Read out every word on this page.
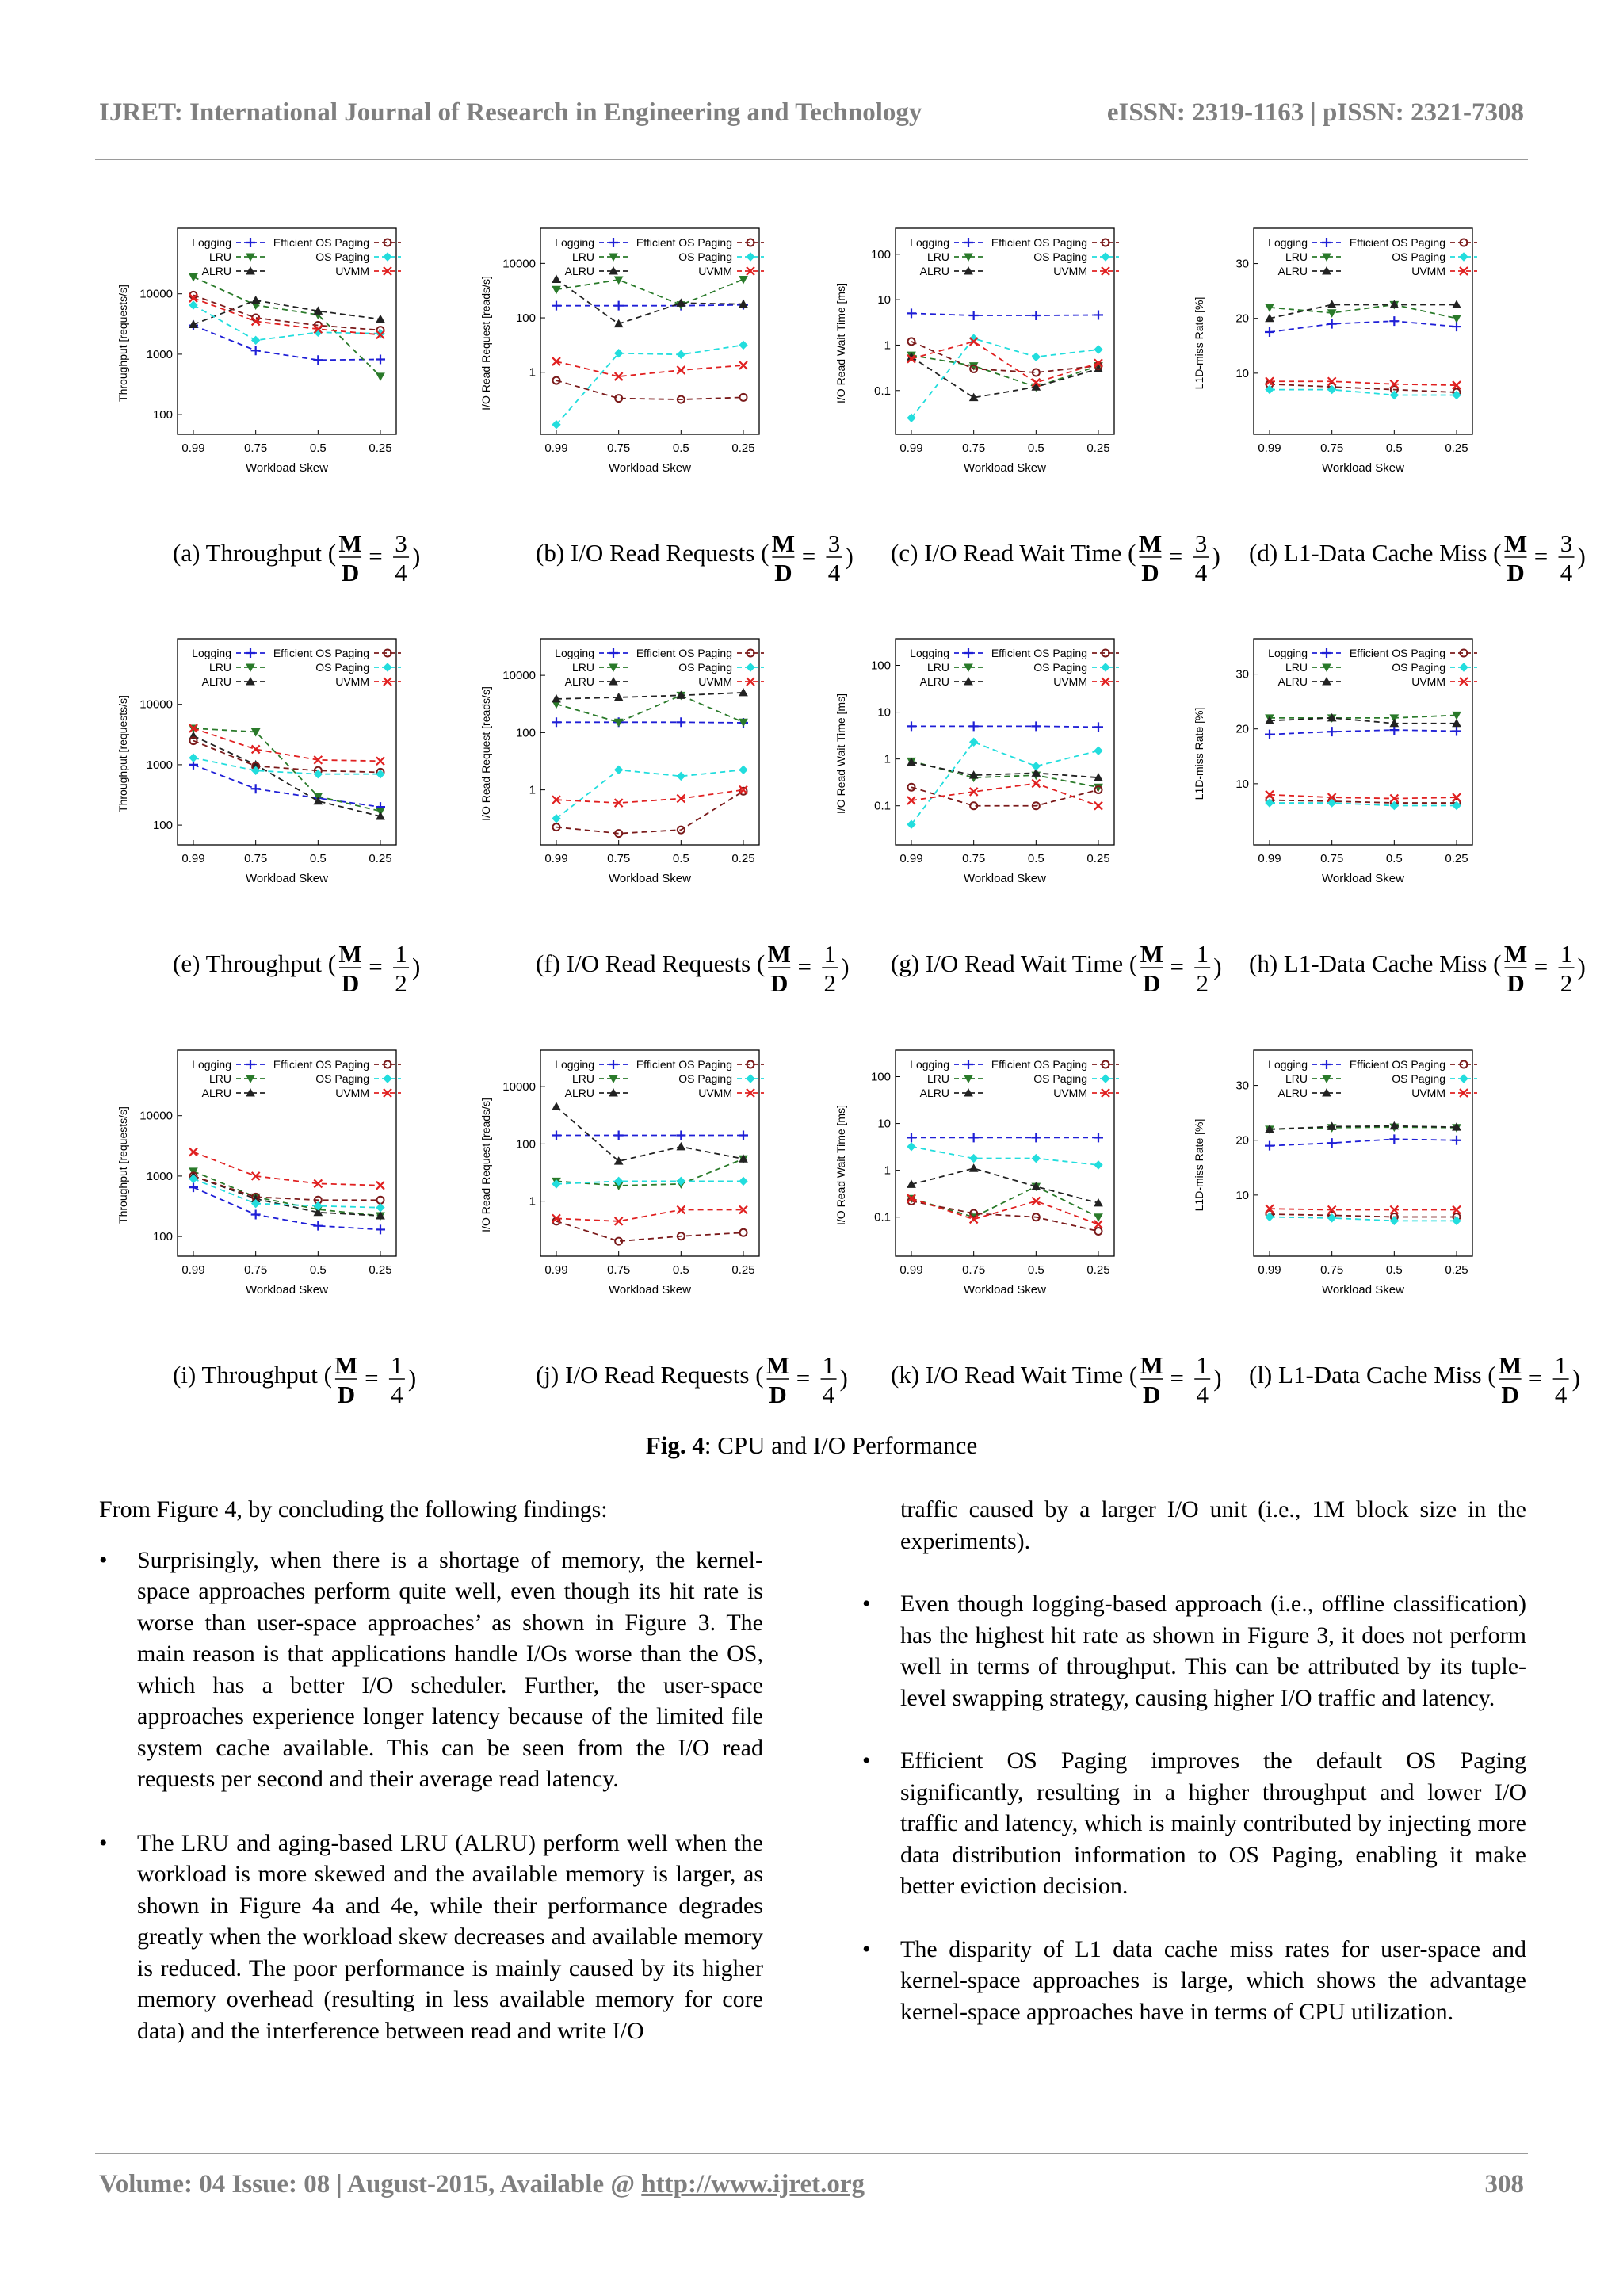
IJRET: International Journal of Research in Engineering and Technology	eISSN: 2319-1163 | pISSN: 2321-7308
100
1000
10000
0.99	0.75	0.5	0.25
Workload Skew
Throughput [requests/s]
Logging	Efficient OS Paging
LRU	OS Paging
ALRU	UVMM
(a) Throughput ( M
D
= 3
4
)
1
100
10000
0.99	0.75	0.5	0.25
Workload Skew
I/O Read Request [reads/s]
Logging	Efficient OS Paging
LRU	OS Paging
ALRU	UVMM
(b) I/O Read Requests ( M
D
= 3
4
)
0.1
1
10
100
0.99	0.75	0.5	0.25
Workload Skew
I/O Read Wait Time [ms]
Logging	Efficient OS Paging
LRU	OS Paging
ALRU	UVMM
(c) I/O Read Wait Time ( M
D
= 3
4
)
10
20
30
0.99	0.75	0.5	0.25
Workload Skew
L1D-miss Rate [%]
Logging	Efficient OS Paging
LRU	OS Paging
ALRU	UVMM
(d) L1-Data Cache Miss ( M
D
= 3
4
)
100
1000
10000
0.99	0.75	0.5	0.25
Workload Skew
Throughput [requests/s]
Logging	Efficient OS Paging
LRU	OS Paging
ALRU	UVMM
(e) Throughput ( M
D
= 1
2
)
1
100
10000
0.99	0.75	0.5	0.25
Workload Skew
I/O Read Request [reads/s]
Logging	Efficient OS Paging
LRU	OS Paging
ALRU	UVMM
(f) I/O Read Requests ( M
D
= 1
2
)
0.1
1
10
100
0.99	0.75	0.5	0.25
Workload Skew
I/O Read Wait Time [ms]
Logging	Efficient OS Paging
LRU	OS Paging
ALRU	UVMM
(g) I/O Read Wait Time ( M
D
= 1
2
)
10
20
30
0.99	0.75	0.5	0.25
Workload Skew
L1D-miss Rate [%]
Logging	Efficient OS Paging
LRU	OS Paging
ALRU	UVMM
(h) L1-Data Cache Miss ( M
D
= 1
2
)
100
1000
10000
0.99	0.75	0.5	0.25
Workload Skew
Throughput [requests/s]
Logging	Efficient OS Paging
LRU	OS Paging
ALRU	UVMM
(i) Throughput ( M
D
= 1
4
)
1
100
10000
0.99	0.75	0.5	0.25
Workload Skew
I/O Read Request [reads/s]
Logging	Efficient OS Paging
LRU	OS Paging
ALRU	UVMM
(j) I/O Read Requests ( M
D
= 1
4
)
0.1
1
10
100
0.99	0.75	0.5	0.25
Workload Skew
I/O Read Wait Time [ms]
Logging	Efficient OS Paging
LRU	OS Paging
ALRU	UVMM
(k) I/O Read Wait Time ( M
D
= 1
4
)
10
20
30
0.99	0.75	0.5	0.25
Workload Skew
L1D-miss Rate [%]
Logging	Efficient OS Paging
LRU	OS Paging
ALRU	UVMM
(l) L1-Data Cache Miss ( M
D
= 1
4
)
Fig. 4: CPU and I/O Performance

From Figure 4, by concluding the following findings:

• Surprisingly, when there is a shortage of memory, the kernel-space approaches perform quite well, even though its hit rate is worse than user-space approaches’ as shown in Figure 3. The main reason is that applications handle I/Os worse than the OS, which has a better I/O scheduler. Further, the user-space approaches experience longer latency because of the limited file system cache available. This can be seen from the I/O read requests per second and their average read latency.

• The LRU and aging-based LRU (ALRU) perform well when the workload is more skewed and the available memory is larger, as shown in Figure 4a and 4e, while their performance degrades greatly when the workload skew decreases and available memory is reduced. The poor performance is mainly caused by its higher memory overhead (resulting in less available memory for core data) and the interference between read and write I/O

traffic caused by a larger I/O unit (i.e., 1M block size in the experiments).

• Even though logging-based approach (i.e., offline classification) has the highest hit rate as shown in Figure 3, it does not perform well in terms of throughput. This can be attributed by its tuple-level swapping strategy, causing higher I/O traffic and latency.

• Efficient OS Paging improves the default OS Paging significantly, resulting in a higher throughput and lower I/O traffic and latency, which is mainly contributed by injecting more data distribution information to OS Paging, enabling it make better eviction decision.

• The disparity of L1 data cache miss rates for user-space and kernel-space approaches is large, which shows the advantage kernel-space approaches have in terms of CPU utilization.

Volume: 04 Issue: 08 | August-2015, Available @ http://www.ijret.org	308
